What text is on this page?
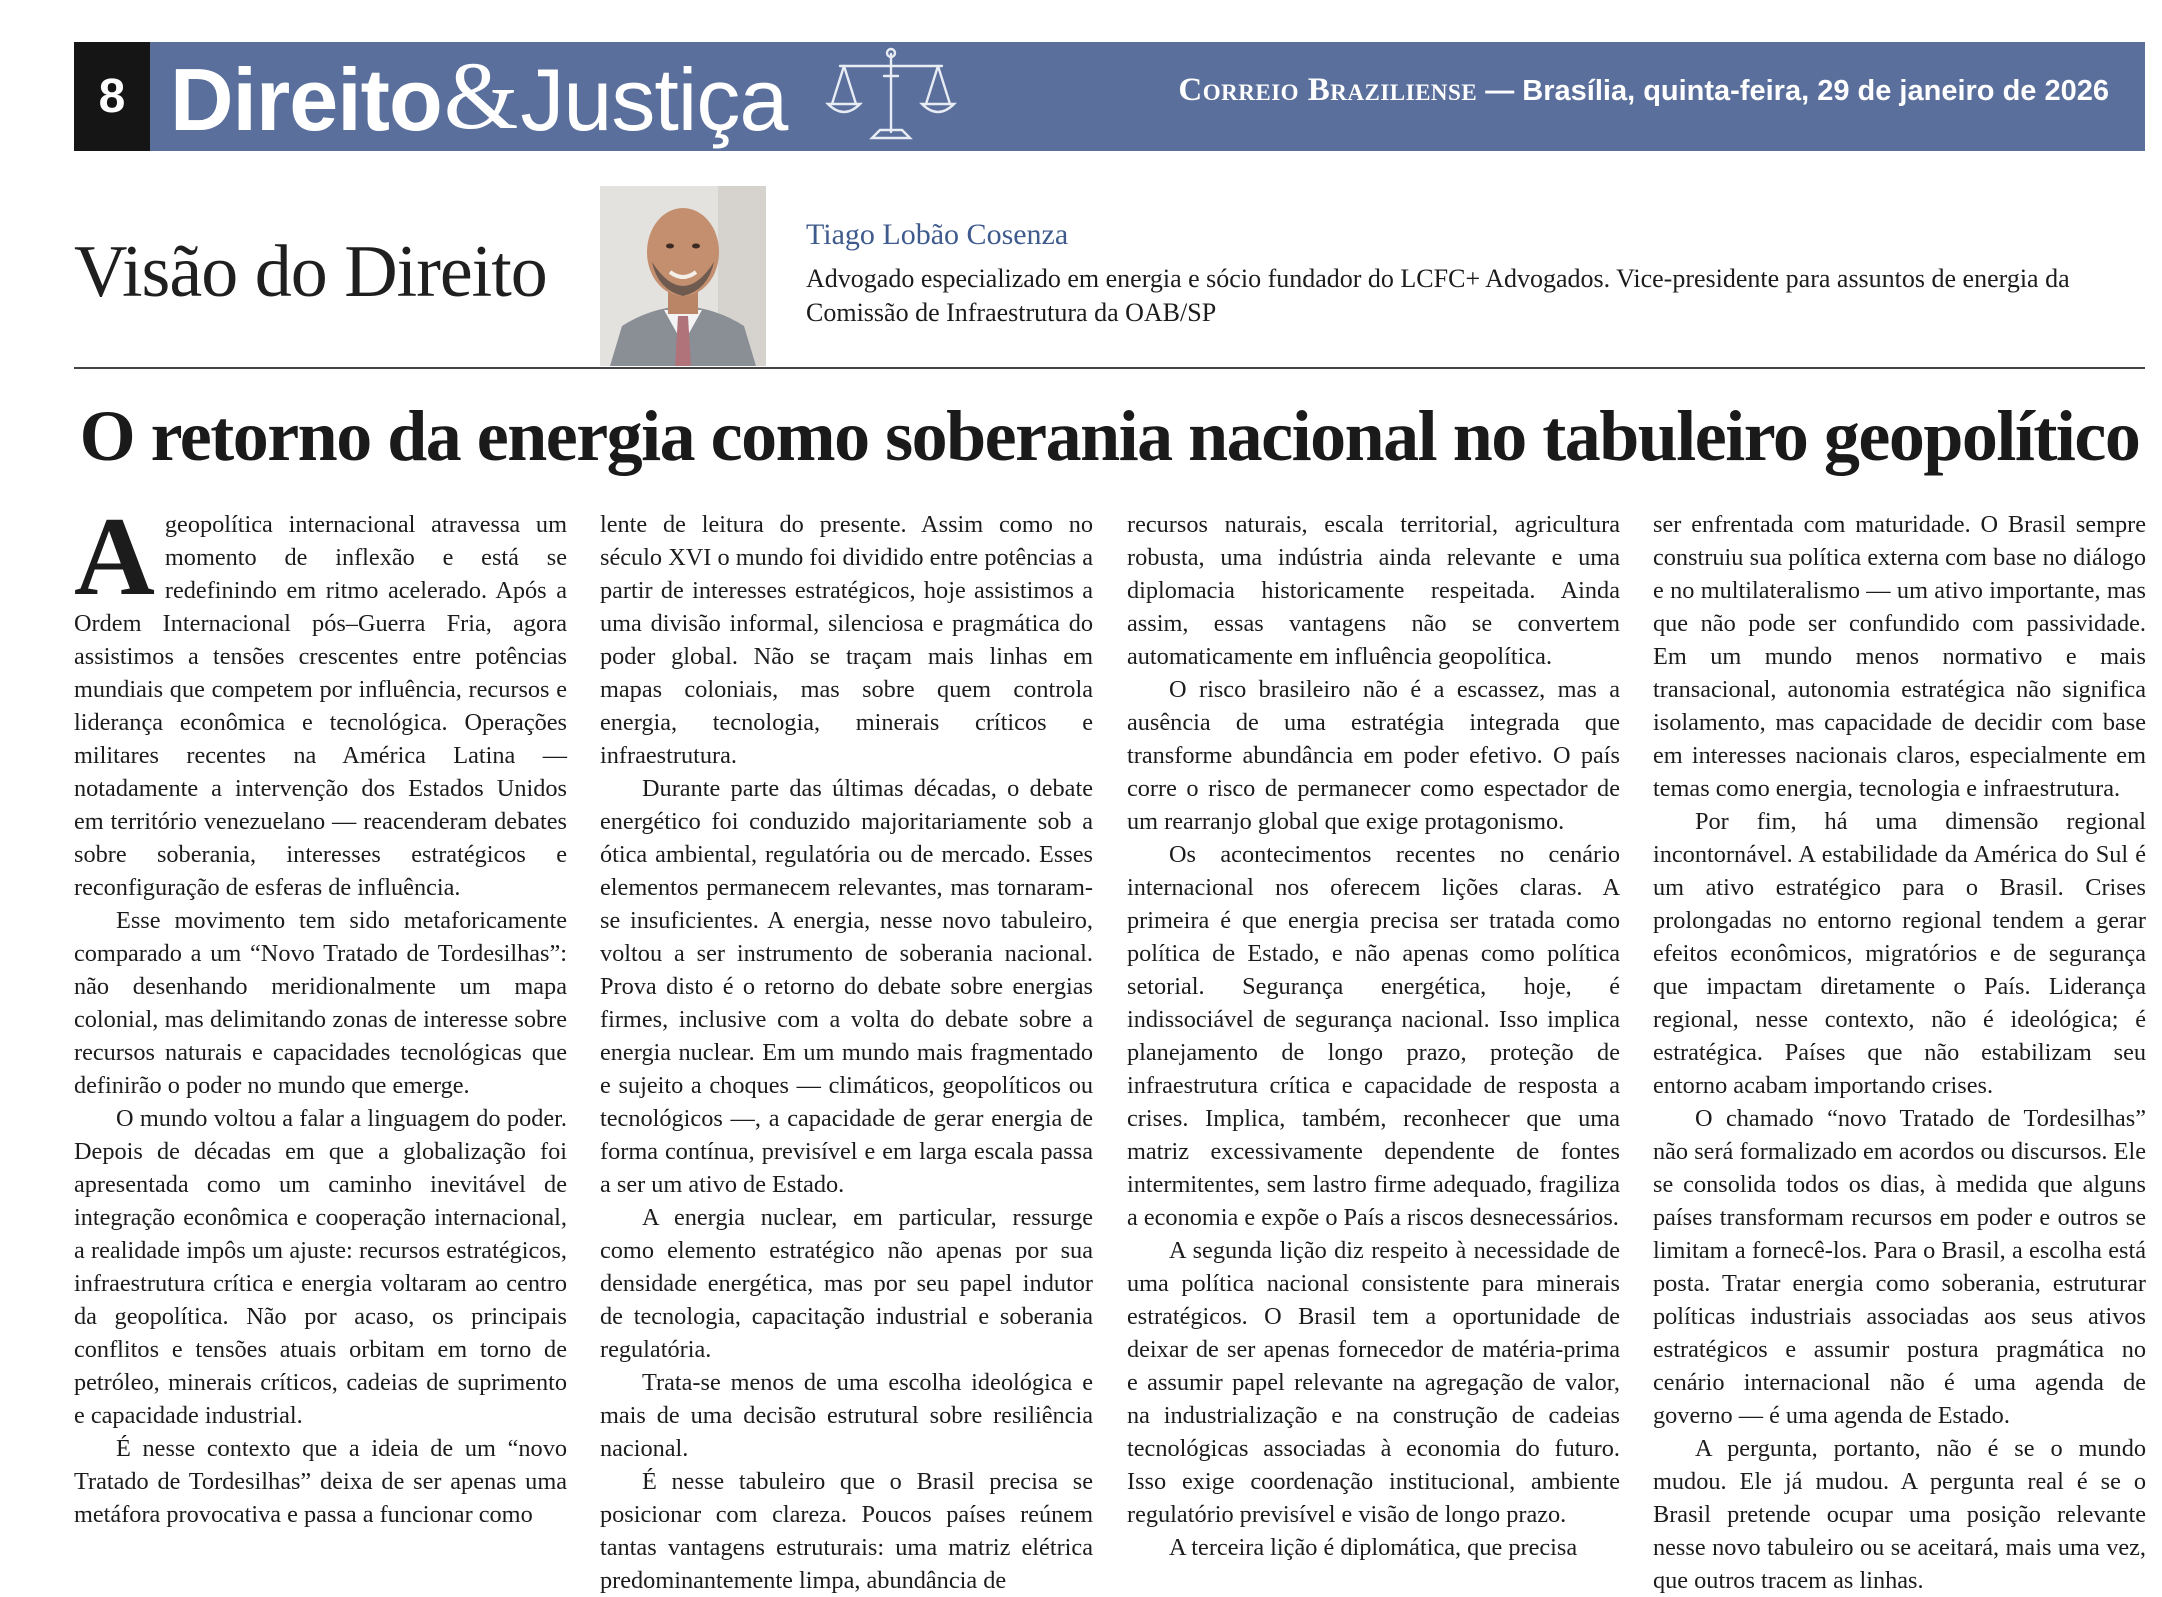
8 Direito & Justiça	Correio Braziliense — Brasília, quinta-feira, 29 de janeiro de 2026
Visão do Direito	Tiago Lobão Cosenza
Advogado especializado em energia e sócio fundador do LCFC+ Advogados. Vice-presidente para assuntos de energia da Comissão de Infraestrutura da OAB/SP
O retorno da energia como soberania nacional no tabuleiro geopolítico

A geopolítica internacional atravessa um momento de inflexão e está se redefinindo em ritmo acelerado. Após a Ordem Internacional pós–Guerra Fria, agora assistimos a tensões crescentes entre potências mundiais que competem por influência, recursos e liderança econômica e tecnológica. Operações militares recentes na América Latina — notadamente a intervenção dos Estados Unidos em território venezuelano — reacenderam debates sobre soberania, interesses estratégicos e reconfiguração de esferas de influência.

Esse movimento tem sido metaforicamente comparado a um “Novo Tratado de Tordesilhas”: não desenhando meridionalmente um mapa colonial, mas delimitando zonas de interesse sobre recursos naturais e capacidades tecnológicas que definirão o poder no mundo que emerge.

O mundo voltou a falar a linguagem do poder. Depois de décadas em que a globalização foi apresentada como um caminho inevitável de integração econômica e cooperação internacional, a realidade impôs um ajuste: recursos estratégicos, infraestrutura crítica e energia voltaram ao centro da geopolítica. Não por acaso, os principais conflitos e tensões atuais orbitam em torno de petróleo, minerais críticos, cadeias de suprimento e capacidade industrial.

É nesse contexto que a ideia de um “novo Tratado de Tordesilhas” deixa de ser apenas uma metáfora provocativa e passa a funcionar como

lente de leitura do presente. Assim como no século XVI o mundo foi dividido entre potências a partir de interesses estratégicos, hoje assistimos a uma divisão informal, silenciosa e pragmática do poder global. Não se traçam mais linhas em mapas coloniais, mas sobre quem controla energia, tecnologia, minerais críticos e infraestrutura.

Durante parte das últimas décadas, o debate energético foi conduzido majoritariamente sob a ótica ambiental, regulatória ou de mercado. Esses elementos permanecem relevantes, mas tornaram-se insuficientes. A energia, nesse novo tabuleiro, voltou a ser instrumento de soberania nacional. Prova disto é o retorno do debate sobre energias firmes, inclusive com a volta do debate sobre a energia nuclear. Em um mundo mais fragmentado e sujeito a choques — climáticos, geopolíticos ou tecnológicos —, a capacidade de gerar energia de forma contínua, previsível e em larga escala passa a ser um ativo de Estado.

A energia nuclear, em particular, ressurge como elemento estratégico não apenas por sua densidade energética, mas por seu papel indutor de tecnologia, capacitação industrial e soberania regulatória.

Trata-se menos de uma escolha ideológica e mais de uma decisão estrutural sobre resiliência nacional.

É nesse tabuleiro que o Brasil precisa se posicionar com clareza. Poucos países reúnem tantas vantagens estruturais: uma matriz elétrica predominantemente limpa, abundância de

recursos naturais, escala territorial, agricultura robusta, uma indústria ainda relevante e uma diplomacia historicamente respeitada. Ainda assim, essas vantagens não se convertem automaticamente em influência geopolítica.

O risco brasileiro não é a escassez, mas a ausência de uma estratégia integrada que transforme abundância em poder efetivo. O país corre o risco de permanecer como espectador de um rearranjo global que exige protagonismo.

Os acontecimentos recentes no cenário internacional nos oferecem lições claras. A primeira é que energia precisa ser tratada como política de Estado, e não apenas como política setorial. Segurança energética, hoje, é indissociável de segurança nacional. Isso implica planejamento de longo prazo, proteção de infraestrutura crítica e capacidade de resposta a crises. Implica, também, reconhecer que uma matriz excessivamente dependente de fontes intermitentes, sem lastro firme adequado, fragiliza a economia e expõe o País a riscos desnecessários.

A segunda lição diz respeito à necessidade de uma política nacional consistente para minerais estratégicos. O Brasil tem a oportunidade de deixar de ser apenas fornecedor de matéria-prima e assumir papel relevante na agregação de valor, na industrialização e na construção de cadeias tecnológicas associadas à economia do futuro. Isso exige coordenação institucional, ambiente regulatório previsível e visão de longo prazo.

A terceira lição é diplomática, que precisa

ser enfrentada com maturidade. O Brasil sempre construiu sua política externa com base no diálogo e no multilateralismo — um ativo importante, mas que não pode ser confundido com passividade. Em um mundo menos normativo e mais transacional, autonomia estratégica não significa isolamento, mas capacidade de decidir com base em interesses nacionais claros, especialmente em temas como energia, tecnologia e infraestrutura.

Por fim, há uma dimensão regional incontornável. A estabilidade da América do Sul é um ativo estratégico para o Brasil. Crises prolongadas no entorno regional tendem a gerar efeitos econômicos, migratórios e de segurança que impactam diretamente o País. Liderança regional, nesse contexto, não é ideológica; é estratégica. Países que não estabilizam seu entorno acabam importando crises.

O chamado “novo Tratado de Tordesilhas” não será formalizado em acordos ou discursos. Ele se consolida todos os dias, à medida que alguns países transformam recursos em poder e outros se limitam a fornecê-los. Para o Brasil, a escolha está posta. Tratar energia como soberania, estruturar políticas industriais associadas aos seus ativos estratégicos e assumir postura pragmática no cenário internacional não é uma agenda de governo — é uma agenda de Estado.

A pergunta, portanto, não é se o mundo mudou. Ele já mudou. A pergunta real é se o Brasil pretende ocupar uma posição relevante nesse novo tabuleiro ou se aceitará, mais uma vez, que outros tracem as linhas.
